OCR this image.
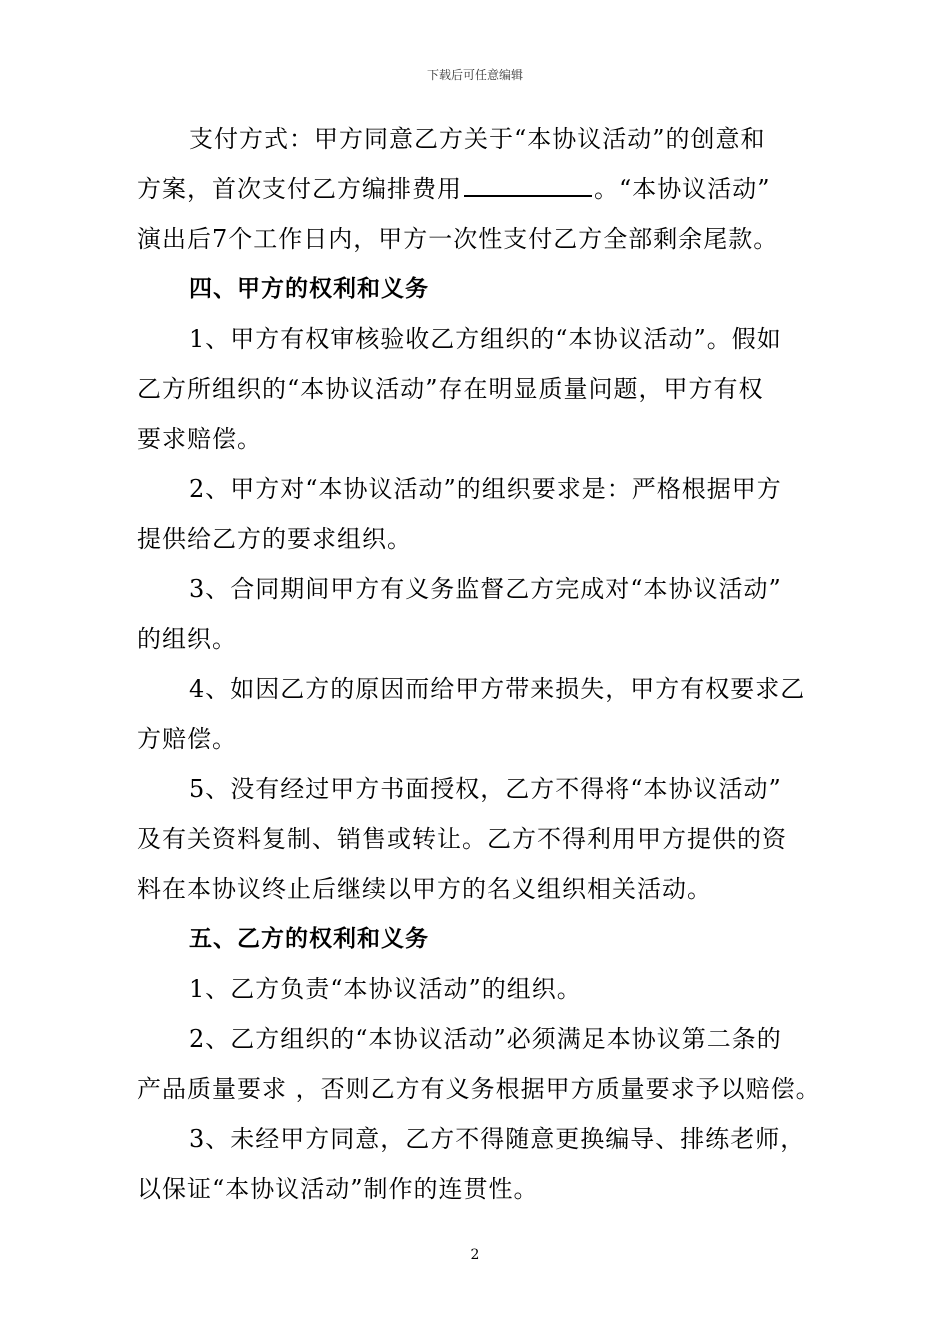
下载后可任意编辑
支付方式：甲方同意乙方关于“本协议活动”的创意和
方案，首次支付乙方编排费用	。“本协议活动”
演出后7个工作日内，甲方一次性支付乙方全部剩余尾款。
四、甲方的权利和义务
1、甲方有权审核验收乙方组织的“本协议活动”。假如
乙方所组织的“本协议活动”存在明显质量问题，甲方有权
要求赔偿。
2、甲方对“本协议活动”的组织要求是：严格根据甲方
提供给乙方的要求组织。
3、合同期间甲方有义务监督乙方完成对“本协议活动”
的组织。
4、如因乙方的原因而给甲方带来损失，甲方有权要求乙
方赔偿。
5、没有经过甲方书面授权，乙方不得将“本协议活动”
及有关资料复制、销售或转让。乙方不得利用甲方提供的资
料在本协议终止后继续以甲方的名义组织相关活动。
五、乙方的权利和义务
1、乙方负责“本协议活动”的组织。
2、乙方组织的“本协议活动”必须满足本协议第二条的
产品质量要求 ，否则乙方有义务根据甲方质量要求予以赔偿。
3、未经甲方同意，乙方不得随意更换编导、排练老师，
以保证“本协议活动”制作的连贯性。
2
